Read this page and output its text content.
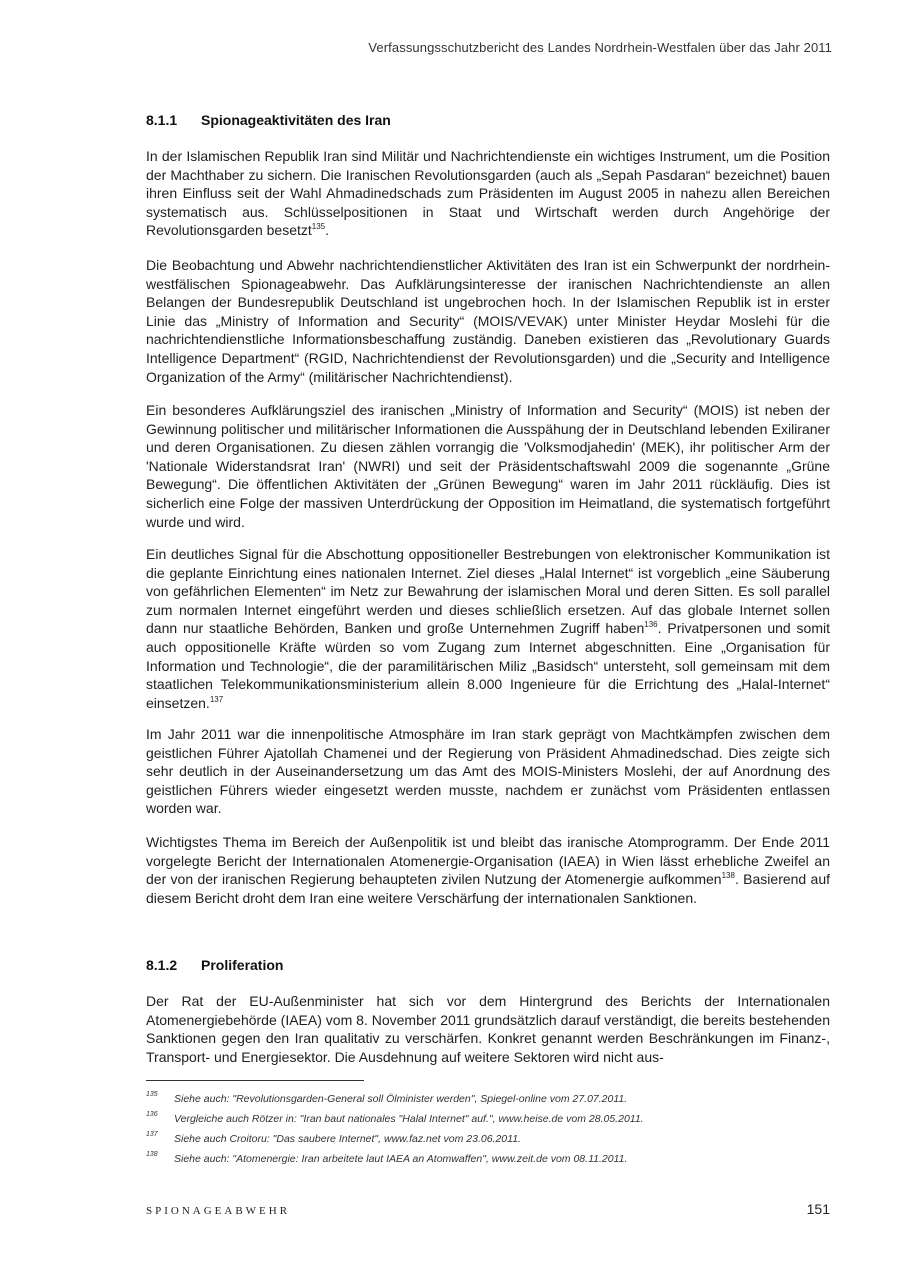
Verfassungsschutzbericht des Landes Nordrhein-Westfalen über das Jahr 2011
8.1.1 Spionageaktivitäten des Iran

In der Islamischen Republik Iran sind Militär und Nachrichtendienste ein wichtiges Instrument, um die Position der Machthaber zu sichern. Die Iranischen Revolutionsgarden (auch als „Sepah Pasdaran“ bezeichnet) bauen ihren Einfluss seit der Wahl Ahmadinedschads zum Präsidenten im August 2005 in nahezu allen Bereichen systematisch aus. Schlüsselpositionen in Staat und Wirtschaft werden durch Angehörige der Revolutionsgarden besetzt$^{135}$.

Die Beobachtung und Abwehr nachrichtendienstlicher Aktivitäten des Iran ist ein Schwerpunkt der nordrhein-westfälischen Spionageabwehr. Das Aufklärungsinteresse der iranischen Nachrichtendienste an allen Belangen der Bundesrepublik Deutschland ist ungebrochen hoch. In der Islamischen Republik ist in erster Linie das „Ministry of Information and Security“ (MOIS/VEVAK) unter Minister Heydar Moslehi für die nachrichtendienstliche Informationsbeschaffung zuständig. Daneben existieren das „Revolutionary Guards Intelligence Department“ (RGID, Nachrichtendienst der Revolutionsgarden) und die „Security and Intelligence Organization of the Army“ (militärischer Nachrichtendienst).

Ein besonderes Aufklärungsziel des iranischen „Ministry of Information and Security“ (MOIS) ist neben der Gewinnung politischer und militärischer Informationen die Ausspähung der in Deutschland lebenden Exiliraner und deren Organisationen. Zu diesen zählen vorrangig die 'Volksmodjahedin' (MEK), ihr politischer Arm der 'Nationale Widerstandsrat Iran' (NWRI) und seit der Präsidentschaftswahl 2009 die sogenannte „Grüne Bewegung“. Die öffentlichen Aktivitäten der „Grünen Bewegung“ waren im Jahr 2011 rückläufig. Dies ist sicherlich eine Folge der massiven Unterdrückung der Opposition im Heimatland, die systematisch fortgeführt wurde und wird.

Ein deutliches Signal für die Abschottung oppositioneller Bestrebungen von elektronischer Kommunikation ist die geplante Einrichtung eines nationalen Internet. Ziel dieses „Halal Internet“ ist vorgeblich „eine Säuberung von gefährlichen Elementen“ im Netz zur Bewahrung der islamischen Moral und deren Sitten. Es soll parallel zum normalen Internet eingeführt werden und dieses schließlich ersetzen. Auf das globale Internet sollen dann nur staatliche Behörden, Banken und große Unternehmen Zugriff haben$^{136}$. Privatpersonen und somit auch oppositionelle Kräfte würden so vom Zugang zum Internet abgeschnitten. Eine „Organisation für Information und Technologie“, die der paramilitärischen Miliz „Basidsch“ untersteht, soll gemeinsam mit dem staatlichen Telekommunikationsministerium allein 8.000 Ingenieure für die Errichtung des „Halal-Internet“ einsetzen.$^{137}$

Im Jahr 2011 war die innenpolitische Atmosphäre im Iran stark geprägt von Machtkämpfen zwischen dem geistlichen Führer Ajatollah Chamenei und der Regierung von Präsident Ahmadinedschad. Dies zeigte sich sehr deutlich in der Auseinandersetzung um das Amt des MOIS-Ministers Moslehi, der auf Anordnung des geistlichen Führers wieder eingesetzt werden musste, nachdem er zunächst vom Präsidenten entlassen worden war.

Wichtigstes Thema im Bereich der Außenpolitik ist und bleibt das iranische Atomprogramm. Der Ende 2011 vorgelegte Bericht der Internationalen Atomenergie-Organisation (IAEA) in Wien lässt erhebliche Zweifel an der von der iranischen Regierung behaupteten zivilen Nutzung der Atomenergie aufkommen$^{138}$. Basierend auf diesem Bericht droht dem Iran eine weitere Verschärfung der internationalen Sanktionen.

8.1.2 Proliferation

Der Rat der EU-Außenminister hat sich vor dem Hintergrund des Berichts der Internationalen Atomenergiebehörde (IAEA) vom 8. November 2011 grundsätzlich darauf verständigt, die bereits bestehenden Sanktionen gegen den Iran qualitativ zu verschärfen. Konkret genannt werden Beschränkungen im Finanz-, Transport- und Energiesektor. Die Ausdehnung auf weitere Sektoren wird nicht aus-

135 Siehe auch: "Revolutionsgarden-General soll Ölminister werden", Spiegel-online vom 27.07.2011.
136 Vergleiche auch Rötzer in: "Iran baut nationales "Halal Internet" auf.", www.heise.de vom 28.05.2011.
137 Siehe auch Croitoru: "Das saubere Internet", www.faz.net vom 23.06.2011.
138 Siehe auch: "Atomenergie: Iran arbeitete laut IAEA an Atomwaffen", www.zeit.de vom 08.11.2011.
SPIONAGEABWEHR	151
